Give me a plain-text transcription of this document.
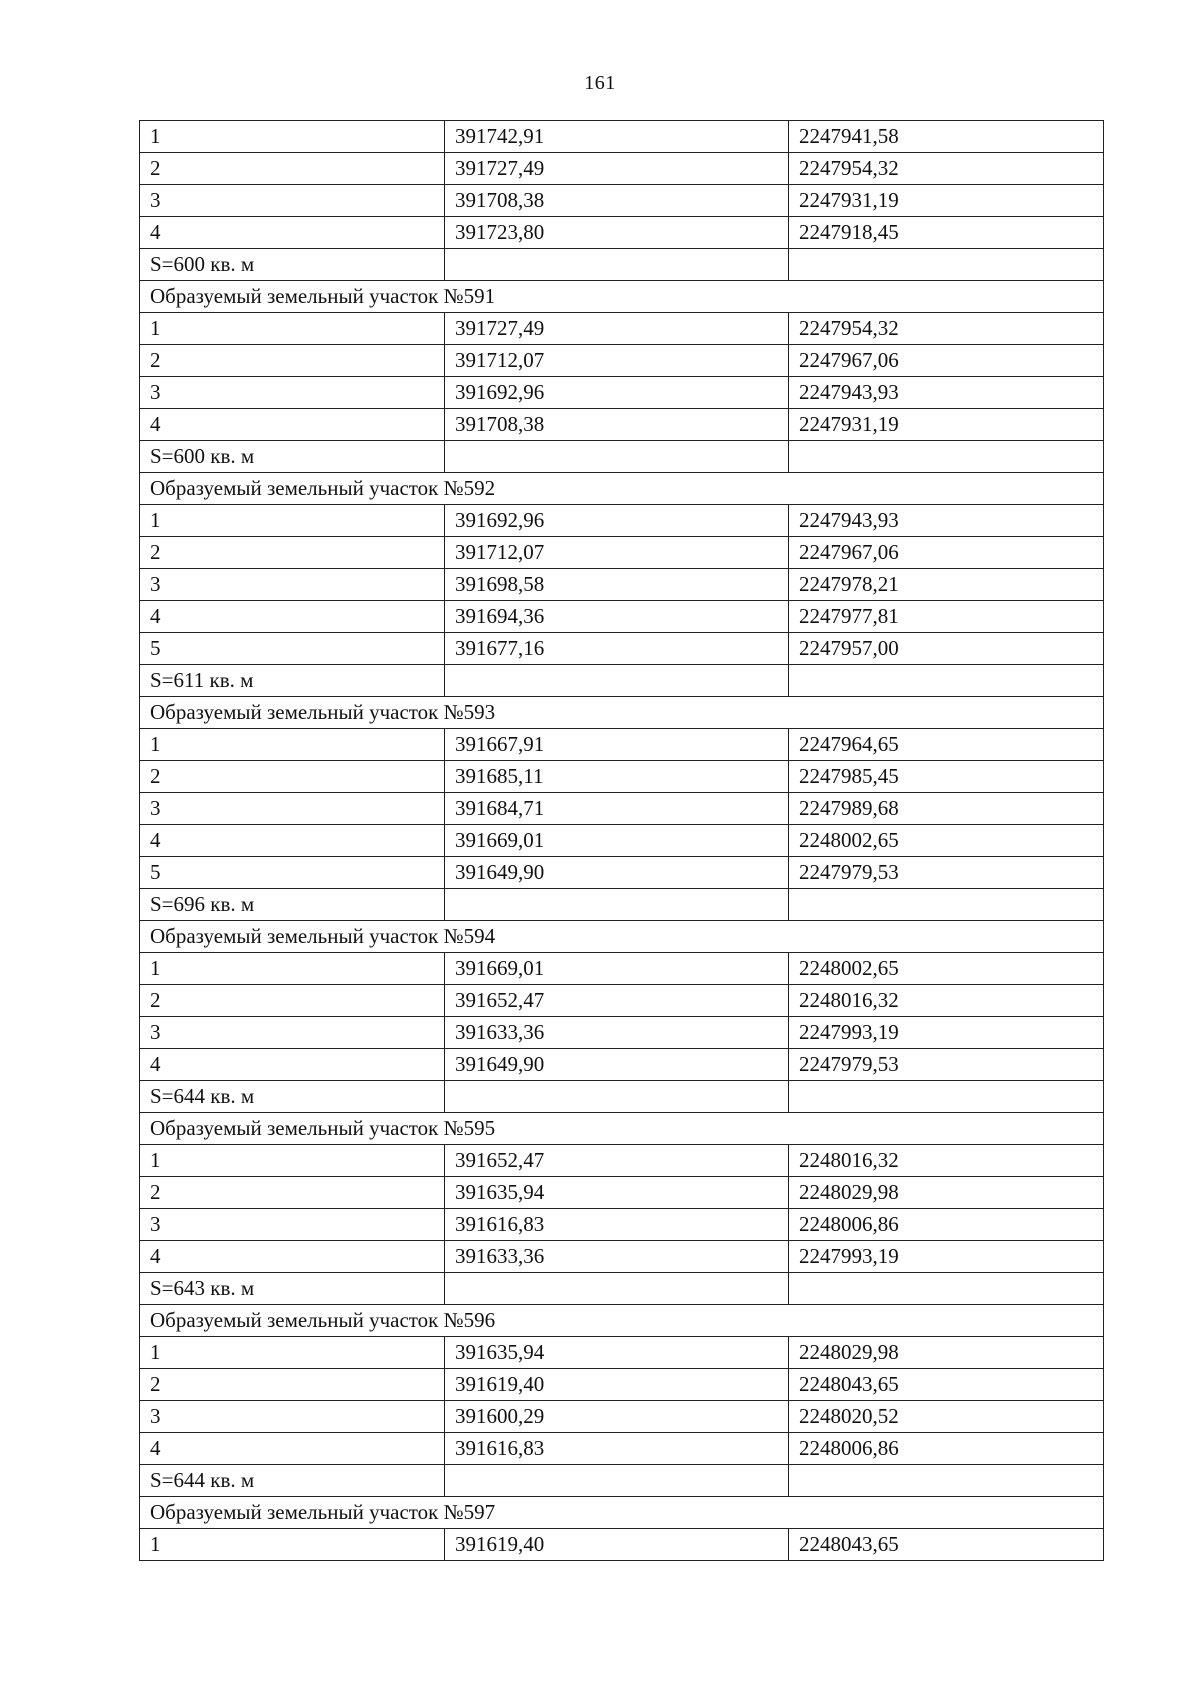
161
1	391742,91	2247941,58
2	391727,49	2247954,32
3	391708,38	2247931,19
4	391723,80	2247918,45
S=600 кв. м		
Образуемый земельный участок №591		
1	391727,49	2247954,32
2	391712,07	2247967,06
3	391692,96	2247943,93
4	391708,38	2247931,19
S=600 кв. м		
Образуемый земельный участок №592		
1	391692,96	2247943,93
2	391712,07	2247967,06
3	391698,58	2247978,21
4	391694,36	2247977,81
5	391677,16	2247957,00
S=611 кв. м		
Образуемый земельный участок №593		
1	391667,91	2247964,65
2	391685,11	2247985,45
3	391684,71	2247989,68
4	391669,01	2248002,65
5	391649,90	2247979,53
S=696 кв. м		
Образуемый земельный участок №594		
1	391669,01	2248002,65
2	391652,47	2248016,32
3	391633,36	2247993,19
4	391649,90	2247979,53
S=644 кв. м		
Образуемый земельный участок №595		
1	391652,47	2248016,32
2	391635,94	2248029,98
3	391616,83	2248006,86
4	391633,36	2247993,19
S=643 кв. м		
Образуемый земельный участок №596		
1	391635,94	2248029,98
2	391619,40	2248043,65
3	391600,29	2248020,52
4	391616,83	2248006,86
S=644 кв. м		
Образуемый земельный участок №597		
1	391619,40	2248043,65
